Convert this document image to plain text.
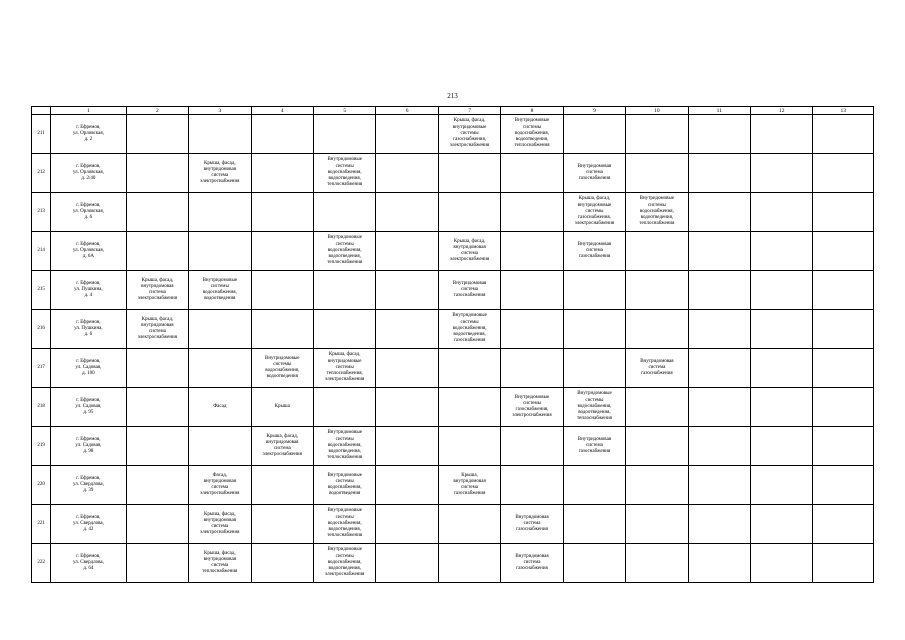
213
	1	2	3	4	5	6	7	8	9	10	11	12	13
211	г. Ефремов,
ул. Орловская,
д. 2						Крыша, фасад,
внутридомовые
системы
газоснабжения,
электроснабжения	Внутридомовые
системы
водоснабжения,
водоотведения,
теплоснабжения					
212	г. Ефремов,
ул. Орловская,
д. 2/40		Крыша, фасад,
внутридомовая
система
электроснабжения		Внутридомовые
системы
водоснабжения,
водоотведения,
теплоснабжения				Внутридомовая
система
газоснабжения				
213	г. Ефремов,
ул. Орловская,
д. 6								Крыша, фасад,
внутридомовые
системы
газоснабжения,
электроснабжения	Внутридомовые
системы
водоснабжения,
водоотведения,
теплоснабжения			
214	г. Ефремов,
ул. Орловская,
д. 6А				Внутридомовые
системы
водоснабжения,
водоотведения,
теплоснабжения		Крыша, фасад,
внутридомовая
система
электроснабжения		Внутридомовая
система
газоснабжения				
215	г. Ефремов,
ул. Пушкина,
д. 4	Крыша, фасад,
внутридомовая
система
электроснабжения	Внутридомовые
системы
водоснабжения,
водоотведения				Внутридомовая
система
газоснабжения						
216	г. Ефремов,
ул. Пушкина,
д. 6	Крыша, фасад,
внутридомовая
система
электроснабжения					Внутридомовые
системы
водоснабжения,
водоотведения,
газоснабжения						
217	г. Ефремов,
ул. Садовая,
д. 100			Внутридомовые
системы
водоснабжения,
водоотведения	Крыша, фасад,
внутридомовые
системы
теплоснабжения,
электроснабжения					Внутридомовая
система
газоснабжения			
218	г. Ефремов,
ул. Садовая,
д. 95		Фасад	Крыша				Внутридомовые
системы
газоснабжения,
электроснабжения	Внутридомовые
системы
водоснабжения,
водоотведения,
теплоснабжения				
219	г. Ефремов,
ул. Садовая,
д. 98			Крыша, фасад,
внутридомовая
система
электроснабжения	Внутридомовые
системы
водоснабжения,
водоотведения,
теплоснабжения				Внутридомовая
система
газоснабжения				
220	г. Ефремов,
ул. Свердлова,
д. 39		Фасад,
внутридомовая
система
электроснабжения		Внутридомовые
системы
водоснабжения,
водоотведения		Крыша,
внутридомовая
система
газоснабжения						
221	г. Ефремов,
ул. Свердлова,
д. 42		Крыша, фасад,
внутридомовая
система
электроснабжения		Внутридомовые
системы
водоснабжения,
водоотведения,
теплоснабжения			Внутридомовая
система
газоснабжения					
222	г. Ефремов,
ул. Свердлова,
д. 64		Крыша, фасад,
внутридомовая
система
теплоснабжения		Внутридомовые
системы
водоснабжения,
водоотведения,
электроснабжения			Внутридомовая
система
газоснабжения					
